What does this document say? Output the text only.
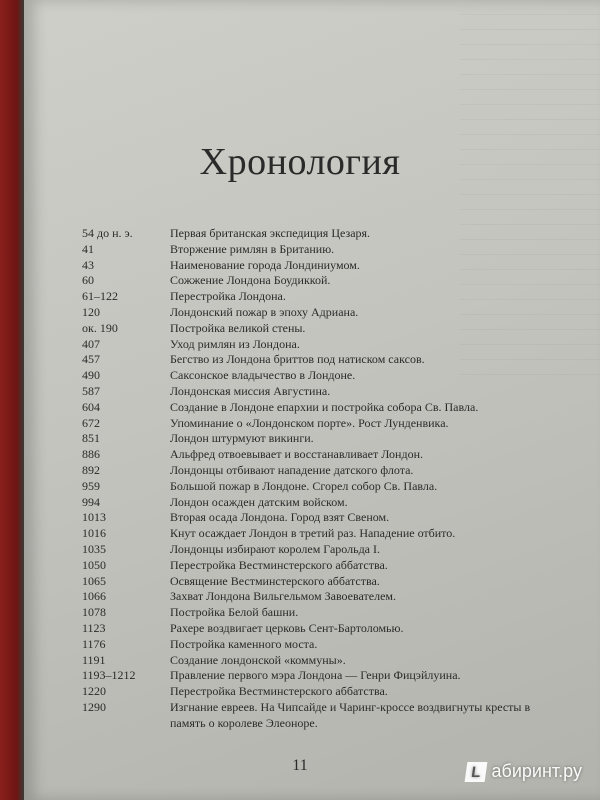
Хронология
54 до н. э.	Первая британская экспедиция Цезаря.
41	Вторжение римлян в Британию.
43	Наименование города Лондиниумом.
60	Сожжение Лондона Боудиккой.
61–122	Перестройка Лондона.
120	Лондонский пожар в эпоху Адриана.
ок. 190	Постройка великой стены.
407	Уход римлян из Лондона.
457	Бегство из Лондона бриттов под натиском саксов.
490	Саксонское владычество в Лондоне.
587	Лондонская миссия Августина.
604	Создание в Лондоне епархии и постройка собора Св. Павла.
672	Упоминание о «Лондонском порте». Рост Лунденвика.
851	Лондон штурмуют викинги.
886	Альфред отвоевывает и восстанавливает Лондон.
892	Лондонцы отбивают нападение датского флота.
959	Большой пожар в Лондоне. Сгорел собор Св. Павла.
994	Лондон осажден датским войском.
1013	Вторая осада Лондона. Город взят Свеном.
1016	Кнут осаждает Лондон в третий раз. Нападение отбито.
1035	Лондонцы избирают королем Гарольда I.
1050	Перестройка Вестминстерского аббатства.
1065	Освящение Вестминстерского аббатства.
1066	Захват Лондона Вильгельмом Завоевателем.
1078	Постройка Белой башни.
1123	Рахере воздвигает церковь Сент-Бартоломью.
1176	Постройка каменного моста.
1191	Создание лондонской «коммуны».
1193–1212	Правление первого мэра Лондона — Генри Фицэйлуина.
1220	Перестройка Вестминстерского аббатства.
1290	Изгнание евреев. На Чипсайде и Чаринг-кроссе воздвигнуты кресты в память о королеве Элеоноре.
11	L абиринт.ру
